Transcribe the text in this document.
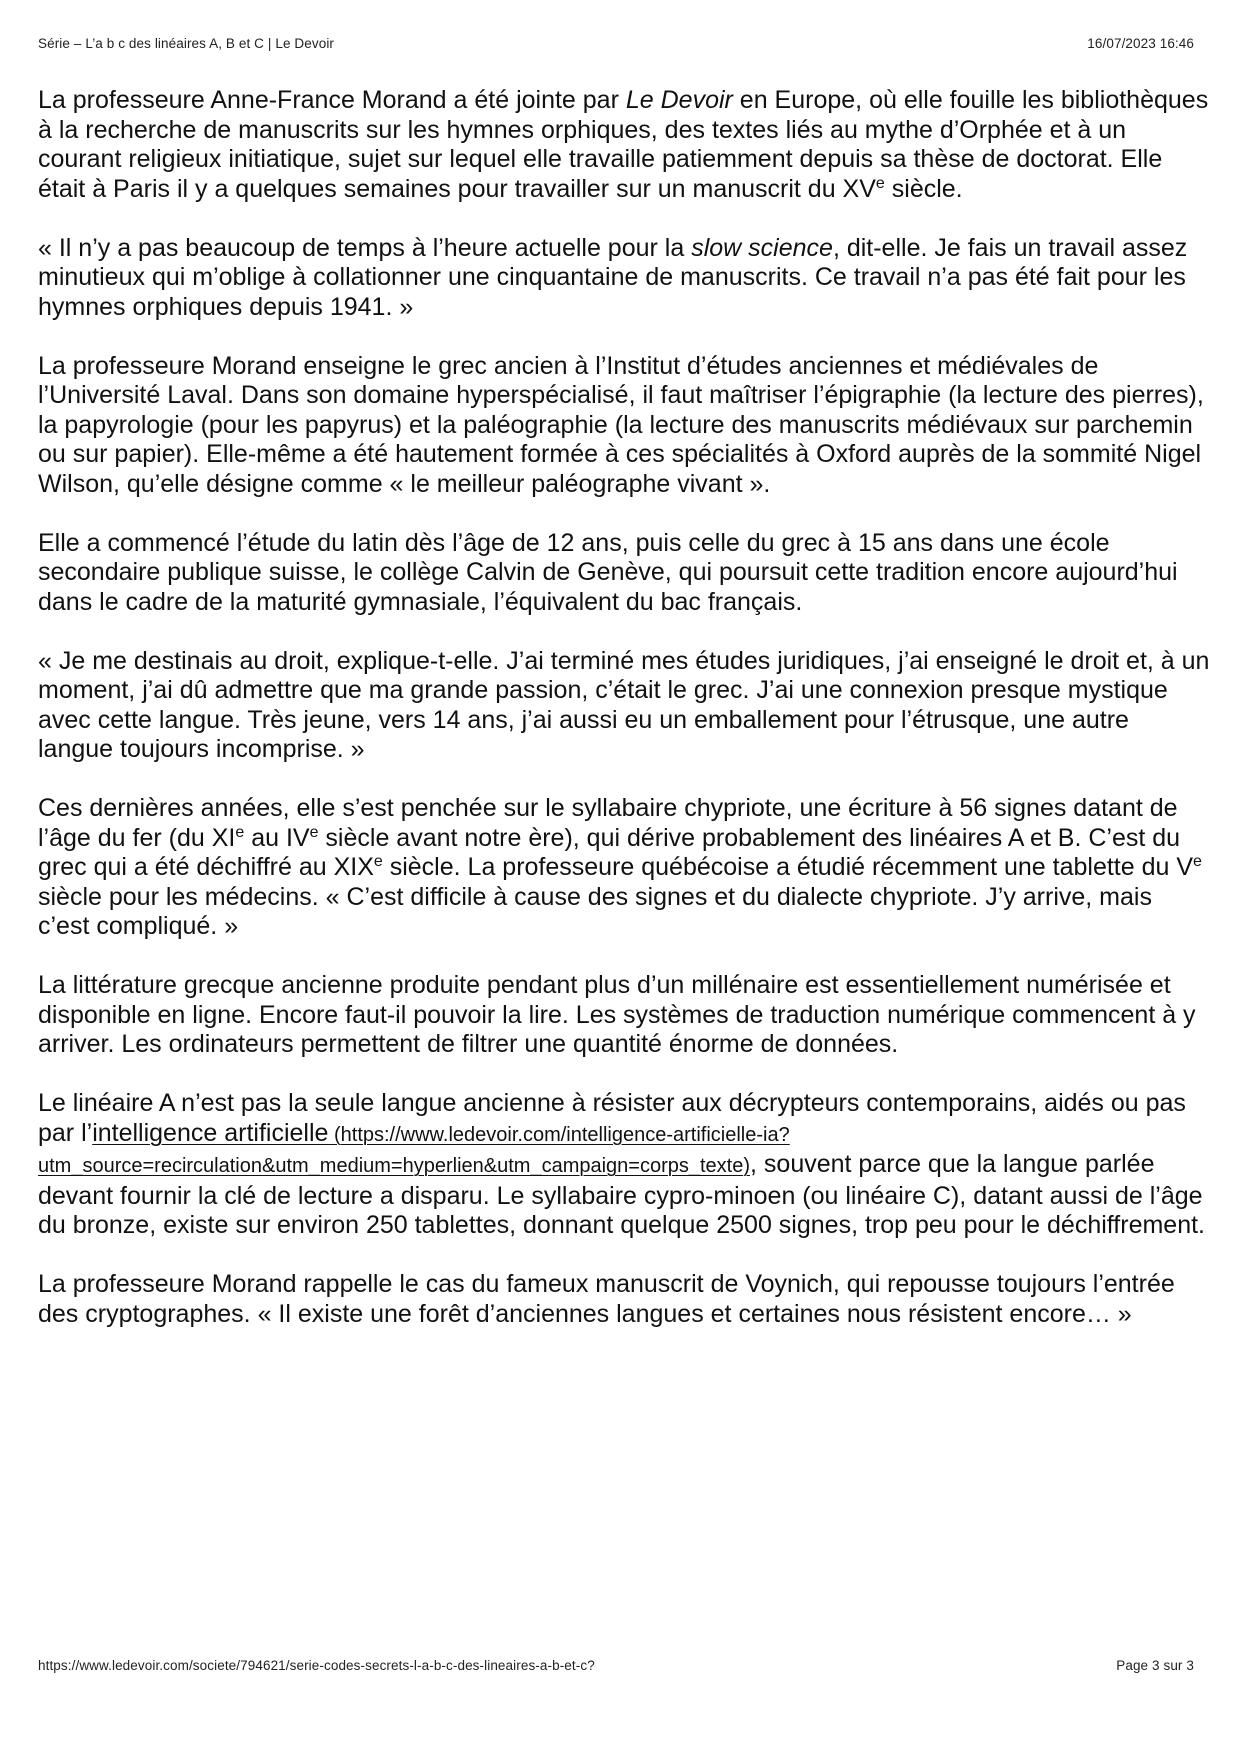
Série – L’a b c des linéaires A, B et C | Le Devoir	16/07/2023 16:46

La professeure Anne-France Morand a été jointe par Le Devoir en Europe, où elle fouille les bibliothèques à la recherche de manuscrits sur les hymnes orphiques, des textes liés au mythe d’Orphée et à un courant religieux initiatique, sujet sur lequel elle travaille patiemment depuis sa thèse de doctorat. Elle était à Paris il y a quelques semaines pour travailler sur un manuscrit du XVe siècle.

« Il n’y a pas beaucoup de temps à l’heure actuelle pour la slow science, dit-elle. Je fais un travail assez minutieux qui m’oblige à collationner une cinquantaine de manuscrits. Ce travail n’a pas été fait pour les hymnes orphiques depuis 1941. »

La professeure Morand enseigne le grec ancien à l’Institut d’études anciennes et médiévales de l’Université Laval. Dans son domaine hyperspécialisé, il faut maîtriser l’épigraphie (la lecture des pierres), la papyrologie (pour les papyrus) et la paléographie (la lecture des manuscrits médiévaux sur parchemin ou sur papier). Elle-même a été hautement formée à ces spécialités à Oxford auprès de la sommité Nigel Wilson, qu’elle désigne comme « le meilleur paléographe vivant ».

Elle a commencé l’étude du latin dès l’âge de 12 ans, puis celle du grec à 15 ans dans une école secondaire publique suisse, le collège Calvin de Genève, qui poursuit cette tradition encore aujourd’hui dans le cadre de la maturité gymnasiale, l’équivalent du bac français.

« Je me destinais au droit, explique-t-elle. J’ai terminé mes études juridiques, j’ai enseigné le droit et, à un moment, j’ai dû admettre que ma grande passion, c’était le grec. J’ai une connexion presque mystique avec cette langue. Très jeune, vers 14 ans, j’ai aussi eu un emballement pour l’étrusque, une autre langue toujours incomprise. »

Ces dernières années, elle s’est penchée sur le syllabaire chypriote, une écriture à 56 signes datant de l’âge du fer (du XIe au IVe siècle avant notre ère), qui dérive probablement des linéaires A et B. C’est du grec qui a été déchiffré au XIXe siècle. La professeure québécoise a étudié récemment une tablette du Ve siècle pour les médecins. « C’est difficile à cause des signes et du dialecte chypriote. J’y arrive, mais c’est compliqué. »

La littérature grecque ancienne produite pendant plus d’un millénaire est essentiellement numérisée et disponible en ligne. Encore faut-il pouvoir la lire. Les systèmes de traduction numérique commencent à y arriver. Les ordinateurs permettent de filtrer une quantité énorme de données.

Le linéaire A n’est pas la seule langue ancienne à résister aux décrypteurs contemporains, aidés ou pas par l’intelligence artificielle (https://www.ledevoir.com/intelligence-artificielle-ia?utm_source=recirculation&utm_medium=hyperlien&utm_campaign=corps_texte), souvent parce que la langue parlée devant fournir la clé de lecture a disparu. Le syllabaire cypro-minoen (ou linéaire C), datant aussi de l’âge du bronze, existe sur environ 250 tablettes, donnant quelque 2500 signes, trop peu pour le déchiffrement.

La professeure Morand rappelle le cas du fameux manuscrit de Voynich, qui repousse toujours l’entrée des cryptographes. « Il existe une forêt d’anciennes langues et certaines nous résistent encore… »

https://www.ledevoir.com/societe/794621/serie-codes-secrets-l-a-b-c-des-lineaires-a-b-et-c?	Page 3 sur 3
